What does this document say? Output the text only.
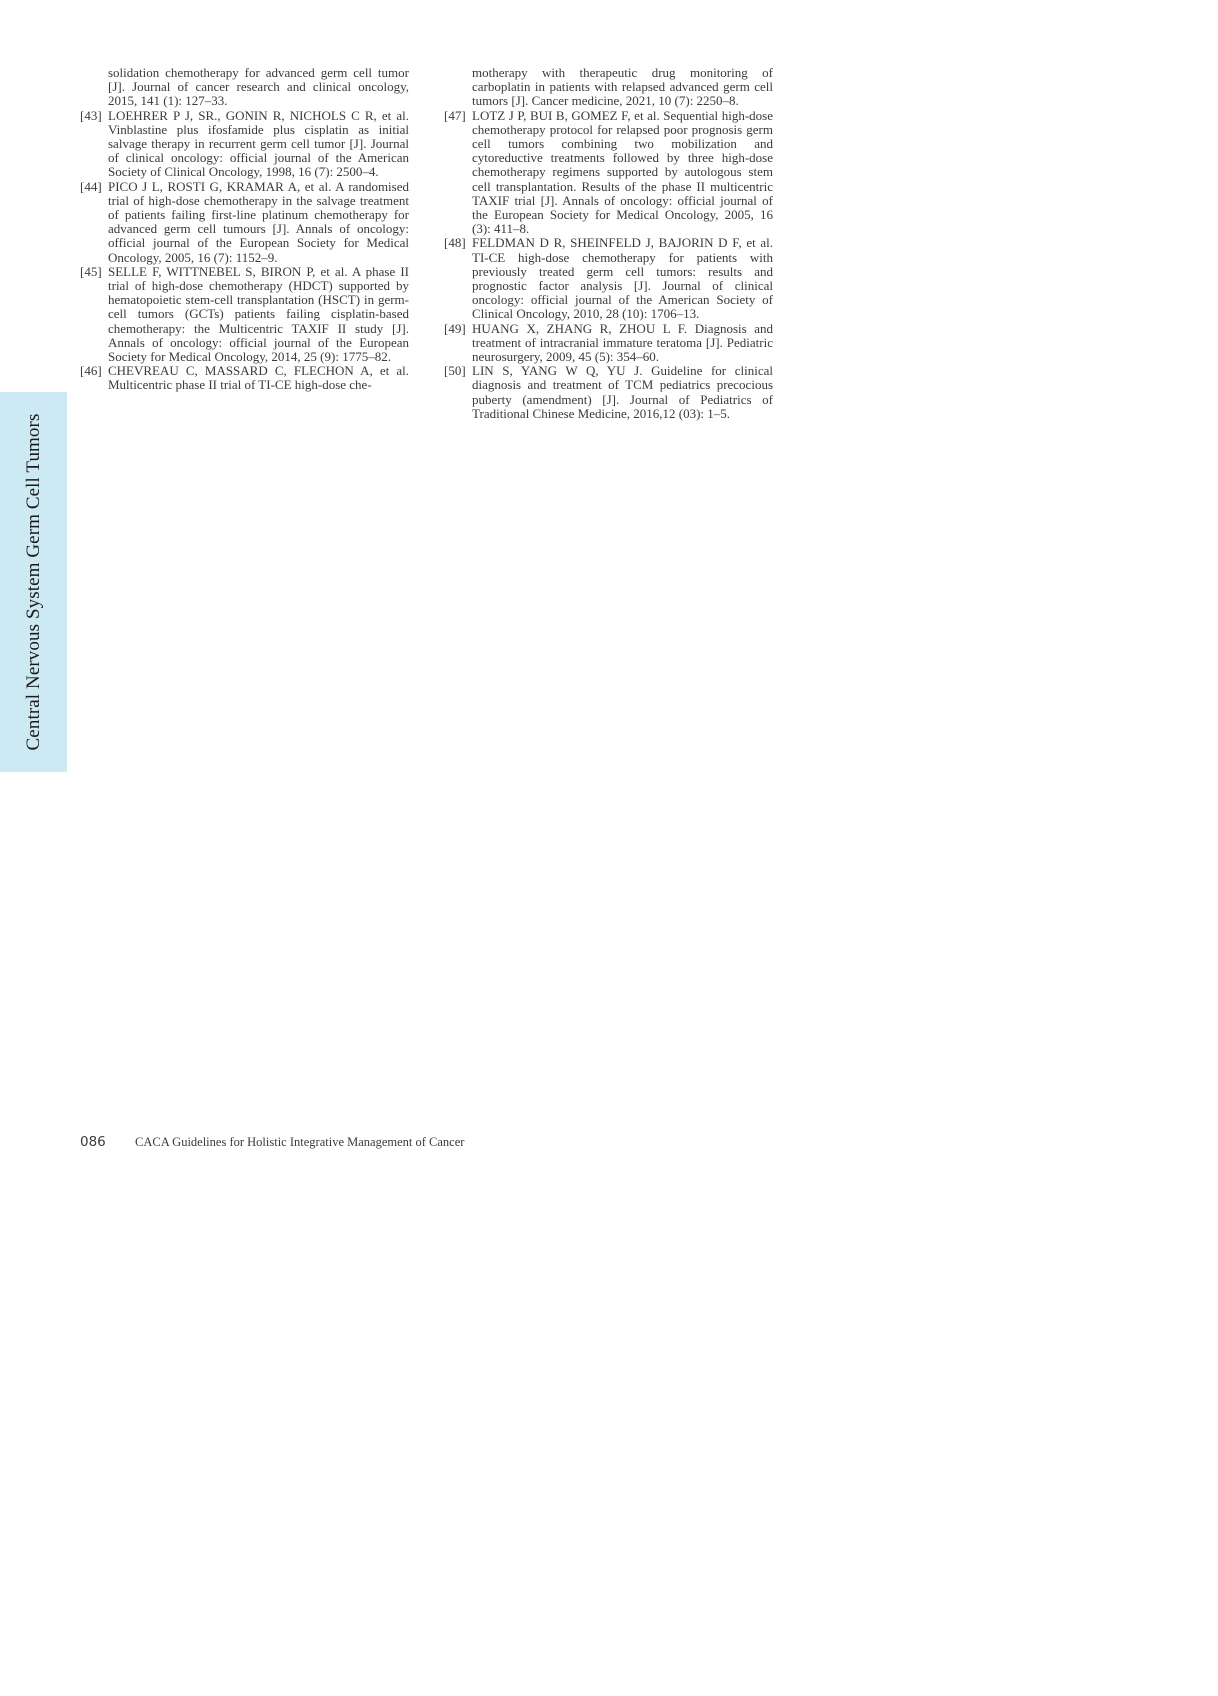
Central Nervous System Germ Cell Tumors
solidation chemotherapy for advanced germ cell tumor [J]. Journal of cancer research and clinical oncology, 2015, 141 (1): 127–33.
[43] LOEHRER P J, SR., GONIN R, NICHOLS C R, et al. Vinblastine plus ifosfamide plus cisplatin as initial salvage therapy in recurrent germ cell tumor [J]. Journal of clinical oncology: official journal of the American Society of Clinical Oncology, 1998, 16 (7): 2500–4.
[44] PICO J L, ROSTI G, KRAMAR A, et al. A randomised trial of high-dose chemotherapy in the salvage treatment of patients failing first-line platinum chemotherapy for advanced germ cell tumours [J]. Annals of oncology: official journal of the European Society for Medical Oncology, 2005, 16 (7): 1152–9.
[45] SELLE F, WITTNEBEL S, BIRON P, et al. A phase II trial of high-dose chemotherapy (HDCT) supported by hematopoietic stem-cell transplantation (HSCT) in germ-cell tumors (GCTs) patients failing cisplatin-based chemotherapy: the Multicentric TAXIF II study [J]. Annals of oncology: official journal of the European Society for Medical Oncology, 2014, 25 (9): 1775–82.
[46] CHEVREAU C, MASSARD C, FLECHON A, et al. Multicentric phase II trial of TI-CE high-dose che-
motherapy with therapeutic drug monitoring of carboplatin in patients with relapsed advanced germ cell tumors [J]. Cancer medicine, 2021, 10 (7): 2250–8.
[47] LOTZ J P, BUI B, GOMEZ F, et al. Sequential high-dose chemotherapy protocol for relapsed poor prognosis germ cell tumors combining two mobilization and cytoreductive treatments followed by three high-dose chemotherapy regimens supported by autologous stem cell transplantation. Results of the phase II multicentric TAXIF trial [J]. Annals of oncology: official journal of the European Society for Medical Oncology, 2005, 16 (3): 411–8.
[48] FELDMAN D R, SHEINFELD J, BAJORIN D F, et al. TI-CE high-dose chemotherapy for patients with previously treated germ cell tumors: results and prognostic factor analysis [J]. Journal of clinical oncology: official journal of the American Society of Clinical Oncology, 2010, 28 (10): 1706–13.
[49] HUANG X, ZHANG R, ZHOU L F. Diagnosis and treatment of intracranial immature teratoma [J]. Pediatric neurosurgery, 2009, 45 (5): 354–60.
[50] LIN S, YANG W Q, YU J. Guideline for clinical diagnosis and treatment of TCM pediatrics precocious puberty (amendment) [J]. Journal of Pediatrics of Traditional Chinese Medicine, 2016,12 (03): 1–5.
086	CACA Guidelines for Holistic Integrative Management of Cancer
